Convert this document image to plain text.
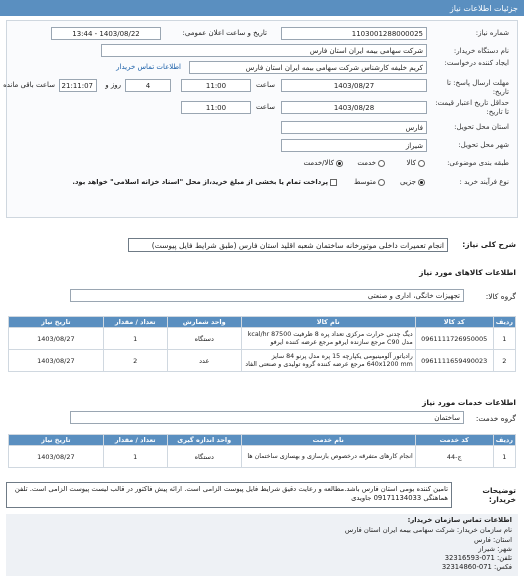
جزئیات اطلاعات نیاز
شماره نیاز:
1103001288000025
تاریخ و ساعت اعلان عمومی:
1403/08/22 - 13:44
نام دستگاه خریدار:
شرکت سهامی بیمه ایران استان فارس
ایجاد کننده درخواست:
کریم خلیفه کارشناس شرکت سهامی بیمه ایران استان فارس
اطلاعات تماس خریدار
مهلت ارسال پاسخ: تا تاریخ:
1403/08/27
ساعت
11:00
4
روز و
21:11:07
ساعت باقی مانده
حداقل تاریخ اعتبار قیمت: تا تاریخ:
1403/08/28
ساعت
11:00
استان محل تحویل:
فارس
شهر محل تحویل:
شیراز
طبقه بندی موضوعی:
کالا
خدمت
کالا/خدمت
نوع فرآیند خرید :
جزیی
متوسط
پرداخت تمام یا بخشی از مبلغ خرید،از محل "اسناد خزانه اسلامی" خواهد بود.
شرح کلی نیاز:
انجام تعمیرات داخلی موتورخانه ساختمان شعبه اقلید استان فارس (طبق شرایط فایل پیوست)
اطلاعات کالاهای مورد نیاز
گروه کالا:
تجهیزات خانگی، اداری و صنعتی
ردیف	کد کالا	نام کالا	واحد شمارش	تعداد / مقدار	تاریخ نیاز
1	0961111726950005	دیگ چدنی حرارت مرکزی تعداد پره 8 ظرفیت kcal/hr 87500 مدل C90 مرجع سازنده ایرفو مرجع عرضه کننده ایرفو	دستگاه	1	1403/08/27
2	0961111659490023	رادیاتور آلومینیومی یکپارچه 15 پره مدل پرنو 84 سایز 640x1200 mm مرجع عرضه کننده گروه تولیدی و صنعتی الفاد	عدد	2	1403/08/27
اطلاعات خدمات مورد نیاز
گروه خدمت:
ساختمان
ردیف	کد خدمت	نام خدمت	واحد اندازه گیری	تعداد / مقدار	تاریخ نیاز
1	ج-44	انجام کارهای متفرقه درخصوص بازسازی و بهسازی ساختمان ها	دستگاه	1	1403/08/27
توضیحات خریدار:
تامین کننده بومی استان فارس باشد.مطالعه و رعایت دقیق شرایط فایل پیوست الزامی است. ارائه پیش فاکتور در قالب لیست پیوست الزامی است. تلفن هماهنگی 09171134033 جاویدی
اطلاعات تماس سازمان خریدار:
نام سازمان خریدار: شرکت سهامی بیمه ایران استان فارس
استان: فارس
شهر: شیراز
تلفن: 071-32316593
فکس: 071-32314860
